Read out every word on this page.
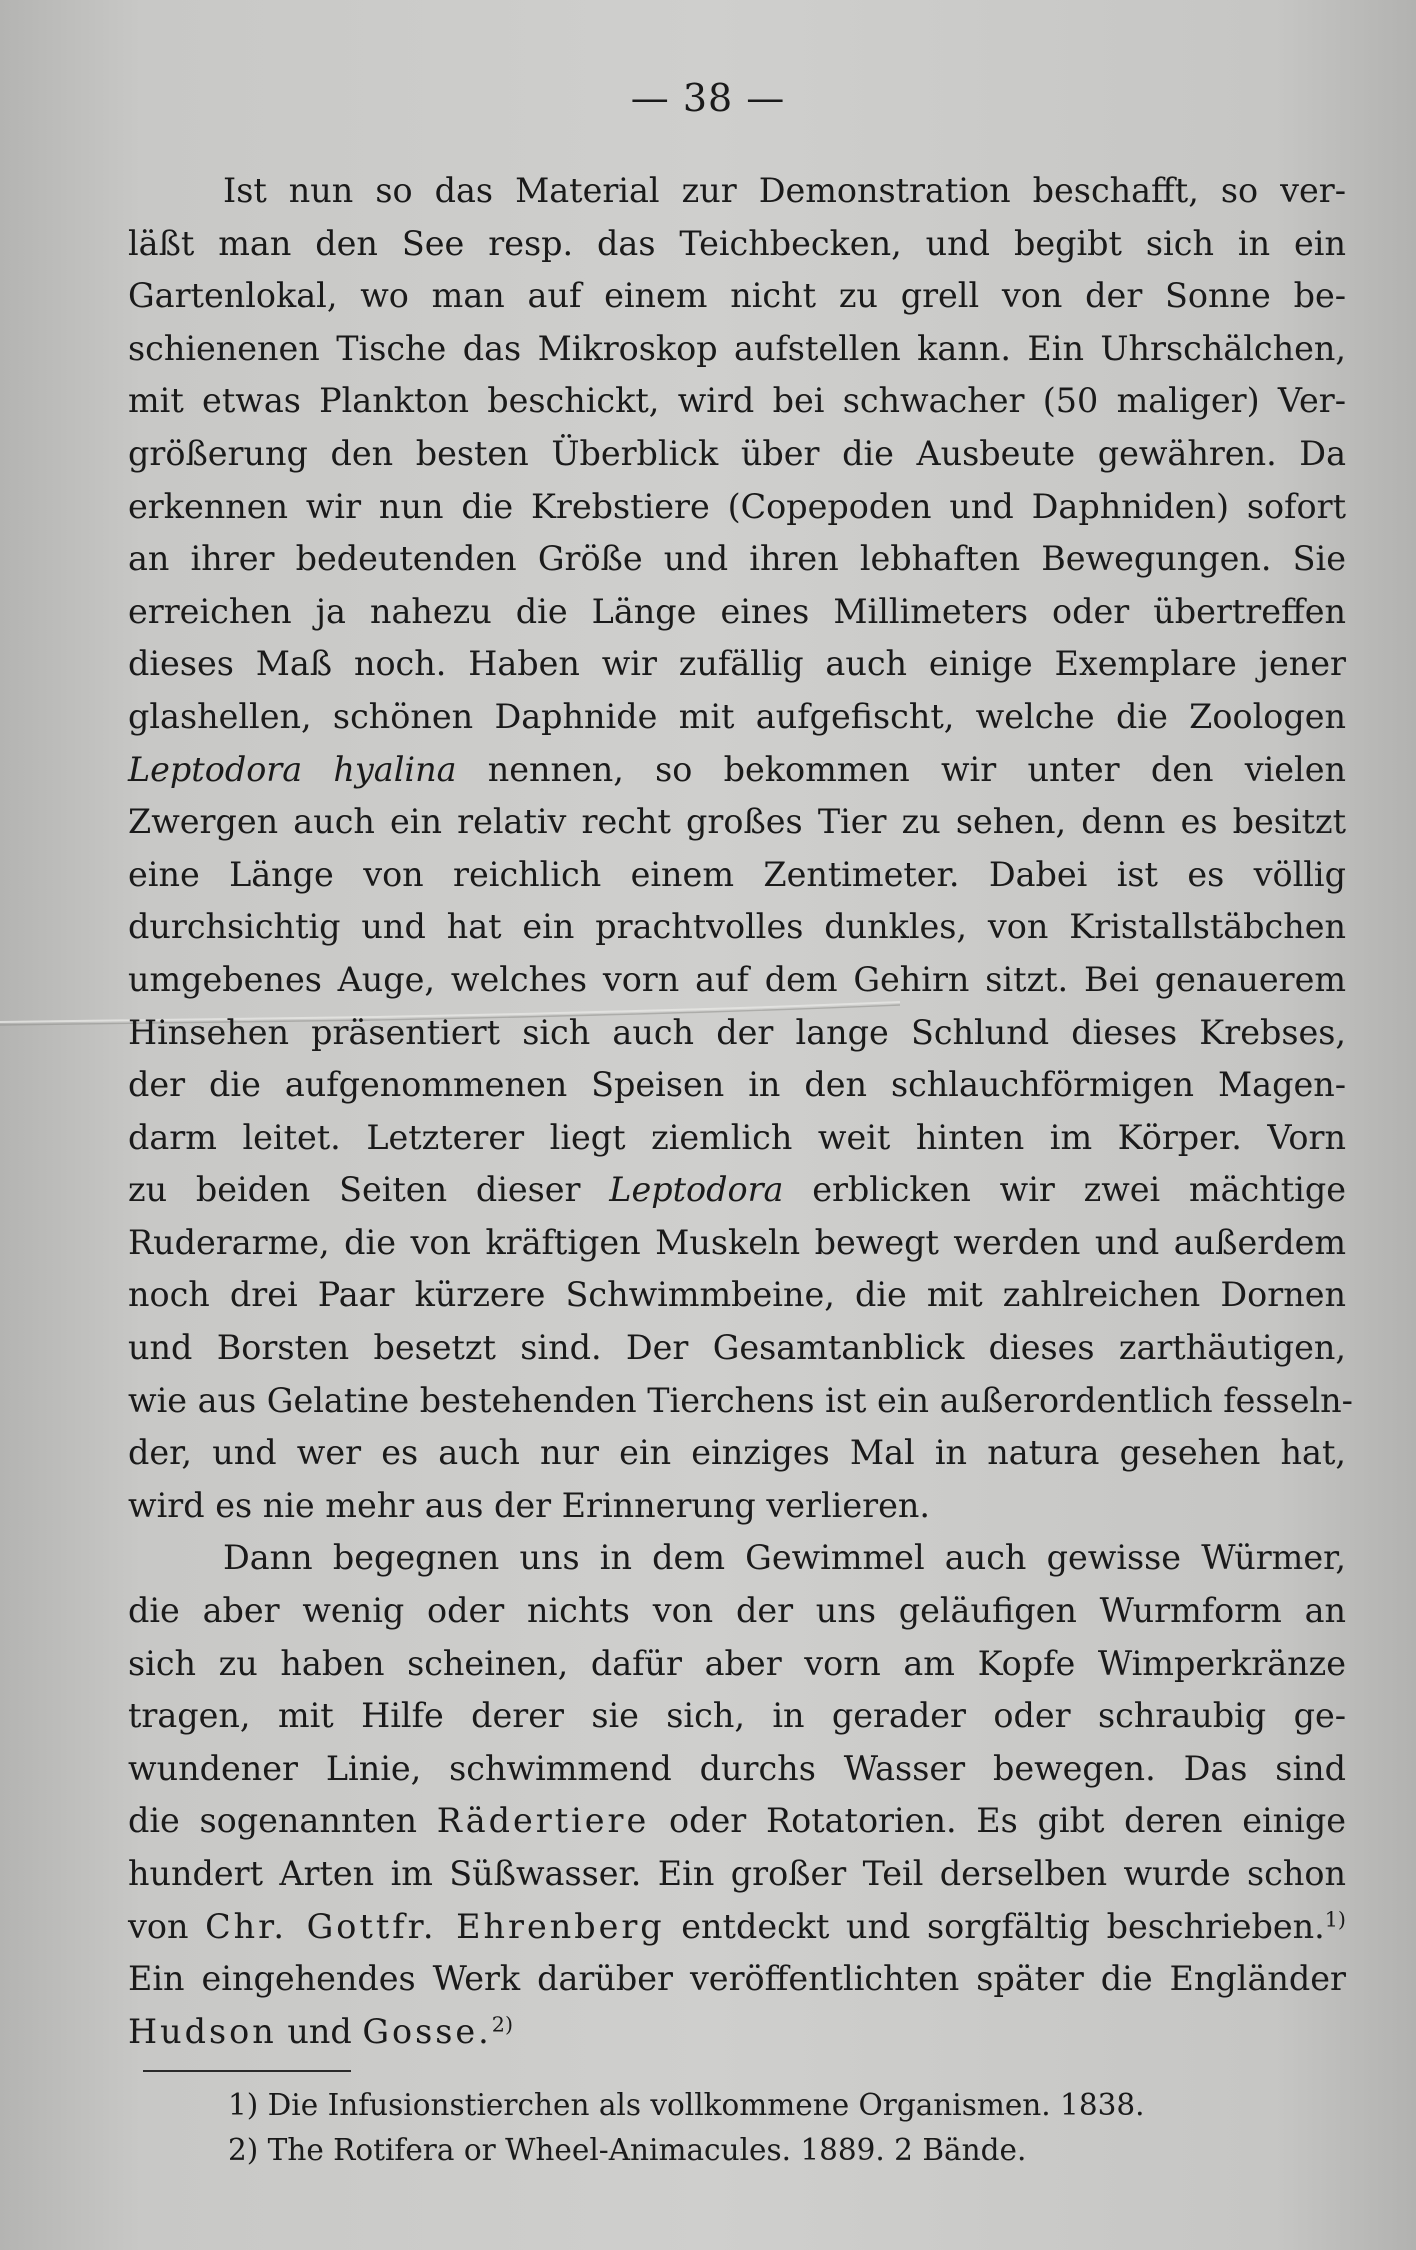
— 38 —
Ist nun so das Material zur Demonstration beschafft, so ver-
läßt man den See resp. das Teichbecken, und begibt sich in ein
Gartenlokal, wo man auf einem nicht zu grell von der Sonne be-
schienenen Tische das Mikroskop aufstellen kann. Ein Uhrschälchen,
mit etwas Plankton beschickt, wird bei schwacher (50 maliger) Ver-
größerung den besten Überblick über die Ausbeute gewähren. Da
erkennen wir nun die Krebstiere (Copepoden und Daphniden) sofort
an ihrer bedeutenden Größe und ihren lebhaften Bewegungen. Sie
erreichen ja nahezu die Länge eines Millimeters oder übertreffen
dieses Maß noch. Haben wir zufällig auch einige Exemplare jener
glashellen, schönen Daphnide mit aufgefischt, welche die Zoologen
Leptodora hyalina nennen, so bekommen wir unter den vielen
Zwergen auch ein relativ recht großes Tier zu sehen, denn es besitzt
eine Länge von reichlich einem Zentimeter. Dabei ist es völlig
durchsichtig und hat ein prachtvolles dunkles, von Kristallstäbchen
umgebenes Auge, welches vorn auf dem Gehirn sitzt. Bei genauerem
Hinsehen präsentiert sich auch der lange Schlund dieses Krebses,
der die aufgenommenen Speisen in den schlauchförmigen Magen-
darm leitet. Letzterer liegt ziemlich weit hinten im Körper. Vorn
zu beiden Seiten dieser Leptodora erblicken wir zwei mächtige
Ruderarme, die von kräftigen Muskeln bewegt werden und außerdem
noch drei Paar kürzere Schwimmbeine, die mit zahlreichen Dornen
und Borsten besetzt sind. Der Gesamtanblick dieses zarthäutigen,
wie aus Gelatine bestehenden Tierchens ist ein außerordentlich fesseln-
der, und wer es auch nur ein einziges Mal in natura gesehen hat,
wird es nie mehr aus der Erinnerung verlieren.
Dann begegnen uns in dem Gewimmel auch gewisse Würmer,
die aber wenig oder nichts von der uns geläufigen Wurmform an
sich zu haben scheinen, dafür aber vorn am Kopfe Wimperkränze
tragen, mit Hilfe derer sie sich, in gerader oder schraubig ge-
wundener Linie, schwimmend durchs Wasser bewegen. Das sind
die sogenannten Rädertiere oder Rotatorien. Es gibt deren einige
hundert Arten im Süßwasser. Ein großer Teil derselben wurde schon
von Chr. Gottfr. Ehrenberg entdeckt und sorgfältig beschrieben.$^{1)}$
Ein eingehendes Werk darüber veröffentlichten später die Engländer
Hudson und Gosse.$^{2)}$
1) Die Infusionstierchen als vollkommene Organismen. 1838.
2) The Rotifera or Wheel-Animacules. 1889. 2 Bände.
